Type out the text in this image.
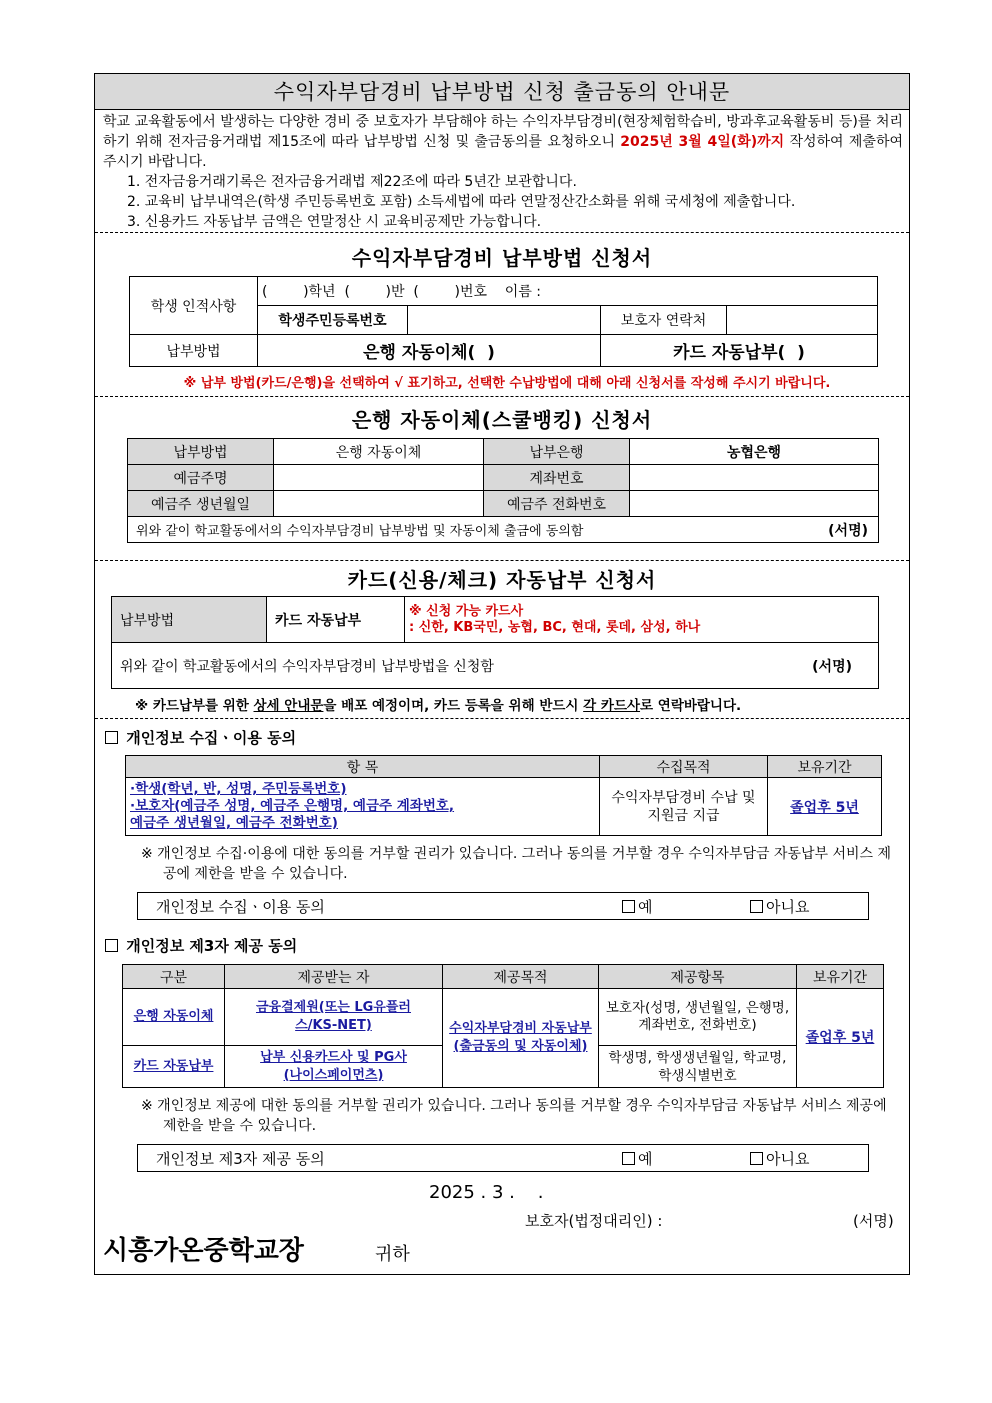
수익자부담경비 납부방법 신청 출금동의 안내문

학교 교육활동에서 발생하는 다양한 경비 중 보호자가 부담해야 하는 수익자부담경비(현장체험학습비, 방과후교육활동비 등)를 처리하기 위해 전자금융거래법 제15조에 따라 납부방법 신청 및 출금동의를 요청하오니 2025년 3월 4일(화)까지 작성하여 제출하여 주시기 바랍니다.

1. 전자금융거래기록은 전자금융거래법 제22조에 따라 5년간 보관합니다.
2. 교육비 납부내역은(학생 주민등록번호 포함) 소득세법에 따라 연말정산간소화를 위해 국세청에 제출합니다.
3. 신용카드 자동납부 금액은 연말정산 시 교육비공제만 가능합니다.
수익자부담경비 납부방법 신청서
학생 인적사항	(        )학년  (        )반  (        )번호    이름 :			
	학생주민등록번호		보호자 연락처	
납부방법	은행 자동이체(  )		카드 자동납부(  )	
※ 납부 방법(카드/은행)을 선택하여 √ 표기하고, 선택한 수납방법에 대해 아래 신청서를 작성해 주시기 바랍니다.
은행 자동이체(스쿨뱅킹) 신청서
납부방법	은행 자동이체	납부은행	농협은행
예금주명		계좌번호	
예금주 생년월일		예금주 전화번호	
위와 같이 학교활동에서의 수익자부담경비 납부방법 및 자동이체 출금에 동의함 (서명)			
카드(신용/체크) 자동납부 신청서
납부방법	카드 자동납부	
※ 신청 가능 카드사
: 신한, KB국민, 농협, BC, 현대, 롯데, 삼성, 하나

위와 같이 학교활동에서의 수익자부담경비 납부방법을 신청함	(서명)
※ 카드납부를 위한 상세 안내문을 배포 예정이며, 카드 등록을 위해 반드시 각 카드사로 연락바랍니다.
개인정보 수집ㆍ이용 동의
항 목	수집목적	보유기간

·학생(학년, 반, 성명, 주민등록번호)
·보호자(예금주 성명, 예금주 은행명, 예금주 계좌번호,
예금주 생년월일, 예금주 전화번호)	수익자부담경비 수납 및 지원금 지급	졸업후 5년
※ 개인정보 수집·이용에 대한 동의를 거부할 권리가 있습니다. 그러나 동의를 거부할 경우 수익자부담금 자동납부 서비스 제공에 제한을 받을 수 있습니다.
개인정보 수집ㆍ이용 동의	예	아니요
개인정보 제3자 제공 동의
구분	제공받는 자	제공목적	제공항목	보유기간
은행 자동이체	금융결제원(또는 LG유플러스/KS-NET)	수익자부담경비 자동납부 (출금동의 및 자동이체)	보호자(성명, 생년월일, 은행명, 계좌번호, 전화번호)	졸업후 5년
카드 자동납부	납부 신용카드사 및 PG사(나이스페이먼츠)		학생명, 학생생년월일, 학교명, 학생식별번호	
※ 개인정보 제공에 대한 동의를 거부할 권리가 있습니다. 그러나 동의를 거부할 경우 수익자부담금 자동납부 서비스 제공에 제한을 받을 수 있습니다.
개인정보 제3자 제공 동의	예	아니요
2025 . 3 .    .
보호자(법정대리인) :	(서명)
시흥가온중학교장	귀하
